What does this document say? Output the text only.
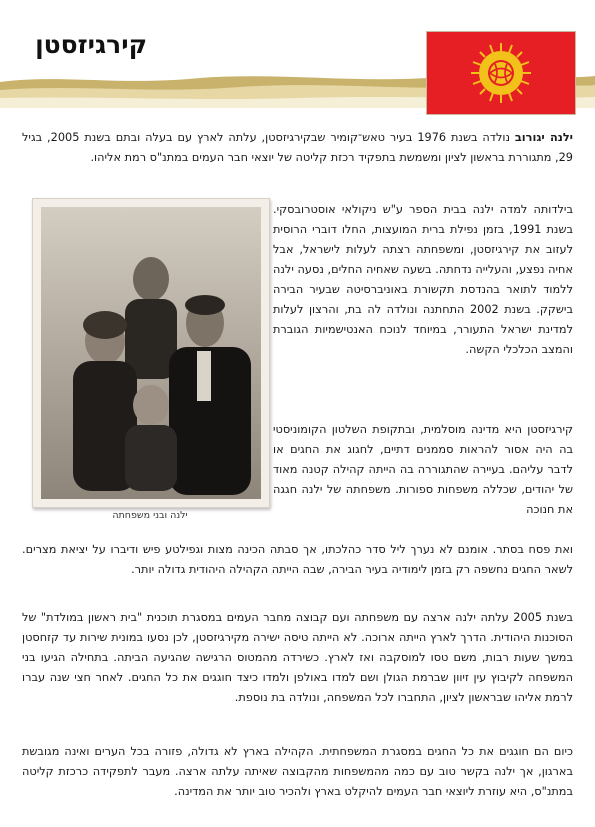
קירגיזסטן
ילנה יגורוב נולדה בשנת 1976 בעיר טאש־קומיר שבקירגיזסטן, עלתה לארץ עם בעלה ובתם בשנת 2005, בגיל 29, מתגוררת בראשון לציון ומשמשת בתפקיד רכזת קליטה של יוצאי חבר העמים במתנ"ס רמת אליהו.
ילנה ובני משפחתה
בילדותה למדה ילנה בבית הספר ע"ש ניקולאי אוסטרובסקי. בשנת 1991, בזמן נפילת ברית המועצות, החלו דוברי הרוסית לעזוב את קירגיזסטן, ומשפחתה רצתה לעלות לישראל, אבל אחיה נפצע, והעלייה נדחתה. בשעה שאחיה החלים, נסעה ילנה ללמוד לתואר בהנדסת תקשורת באוניברסיטה שבעיר הבירה בישקק. בשנת 2002 התחתנה ונולדה לה בת, והרצון לעלות למדינת ישראל התעורר, במיוחד לנוכח האנטישמיות הגוברת והמצב הכלכלי הקשה.
קירגיזסטן היא מדינה מוסלמית, ובתקופת השלטון הקומוניסטי בה היה אסור להראות סממנים דתיים, לחגוג את החגים או לדבר עליהם. בעיירה שהתגוררה בה הייתה קהילה קטנה מאוד של יהודים, שכללה משפחות ספורות. משפחתה של ילנה חגגה את חנוכה
ואת פסח בסתר. אומנם לא נערך ליל סדר כהלכתו, אך סבתה הכינה מצות וגפילטע פיש ודיברו על יציאת מצרים. לשאר החגים נחשפה רק בזמן לימודיה בעיר הבירה, שבה הייתה הקהילה היהודית גדולה יותר.
בשנת 2005 עלתה ילנה ארצה עם משפחתה ועם קבוצה מחבר העמים במסגרת תוכנית "בית ראשון במולדת" של הסוכנות היהודית. הדרך לארץ הייתה ארוכה. לא הייתה טיסה ישירה מקירגיזסטן, לכן נסעו במונית שירות עד קזחסטן במשך שעות רבות, משם טסו למוסקבה ואז לארץ. כשירדה מהמטוס הרגישה שהגיעה הביתה. בתחילה הגיעו בני המשפחה לקיבוץ עין זיוון שברמת הגולן ושם למדו באולפן ולמדו כיצד חוגגים את כל החגים. לאחר חצי שנה עברו לרמת אליהו שבראשון לציון, התחברו לכל המשפחה, ונולדה בת נוספת.
כיום הם חוגגים את כל החגים במסגרת המשפחתית. הקהילה בארץ לא גדולה, פזורה בכל הערים ואינה מגובשת בארגון, אך ילנה בקשר טוב עם כמה מהמשפחות מהקבוצה שאיתה עלתה ארצה. מעבר לתפקידה כרכזת קליטה במתנ"ס, היא עוזרת ליוצאי חבר העמים להיקלט בארץ ולהכיר טוב יותר את המדינה.
